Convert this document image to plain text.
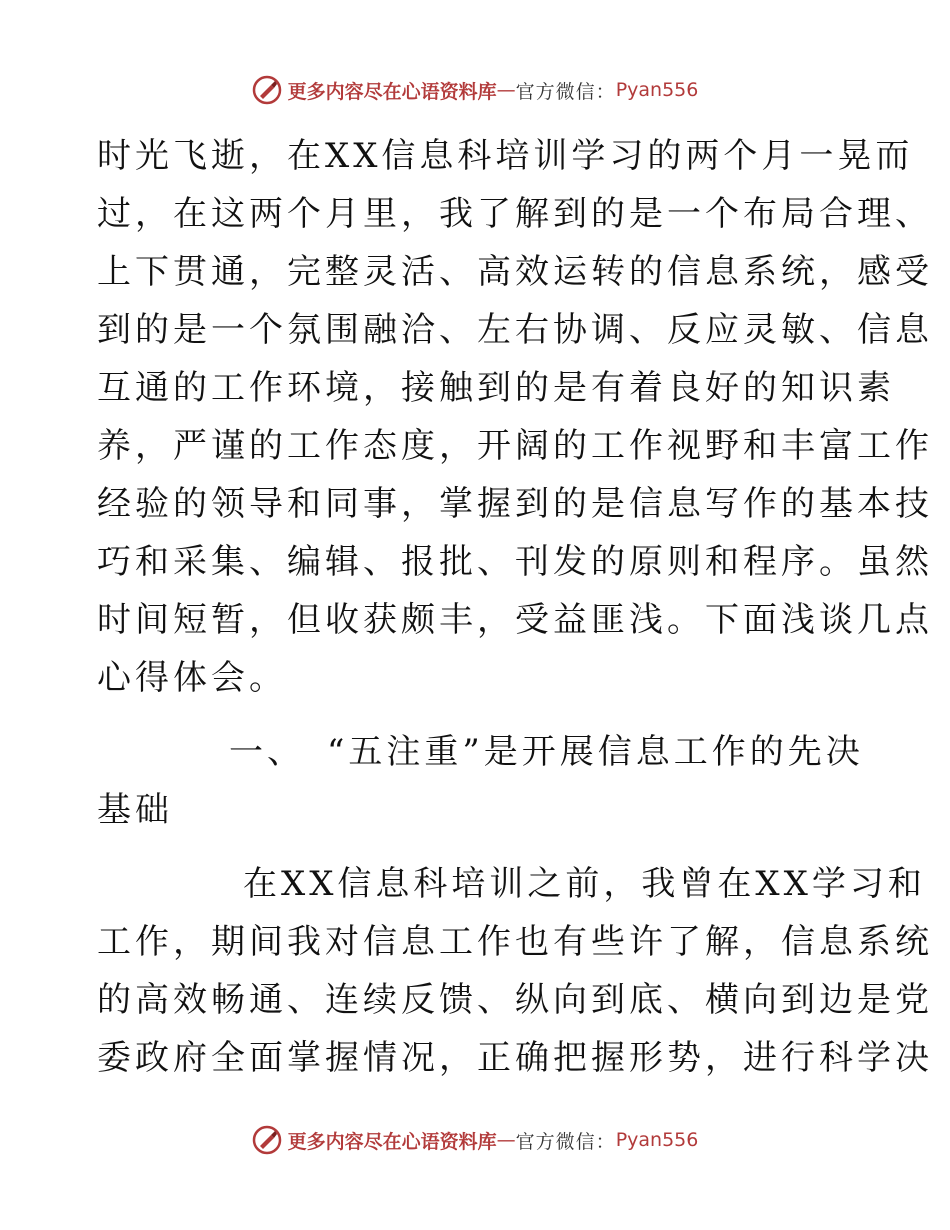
更多内容尽在心语资料库 — 官方微信： Pyan556
时光飞逝，在XX信息科培训学习的两个月一晃而
过，在这两个月里，我了解到的是一个布局合理、
上下贯通，完整灵活、高效运转的信息系统，感受
到的是一个氛围融洽、左右协调、反应灵敏、信息
互通的工作环境，接触到的是有着良好的知识素
养，严谨的工作态度，开阔的工作视野和丰富工作
经验的领导和同事，掌握到的是信息写作的基本技
巧和采集、编辑、报批、刊发的原则和程序。虽然
时间短暂，但收获颇丰，受益匪浅。下面浅谈几点
心得体会。
一、 “五注重”是开展信息工作的先决
基础
在XX信息科培训之前，我曾在XX学习和
工作，期间我对信息工作也有些许了解，信息系统
的高效畅通、连续反馈、纵向到底、横向到边是党
委政府全面掌握情况，正确把握形势，进行科学决
更多内容尽在心语资料库 — 官方微信： Pyan556
